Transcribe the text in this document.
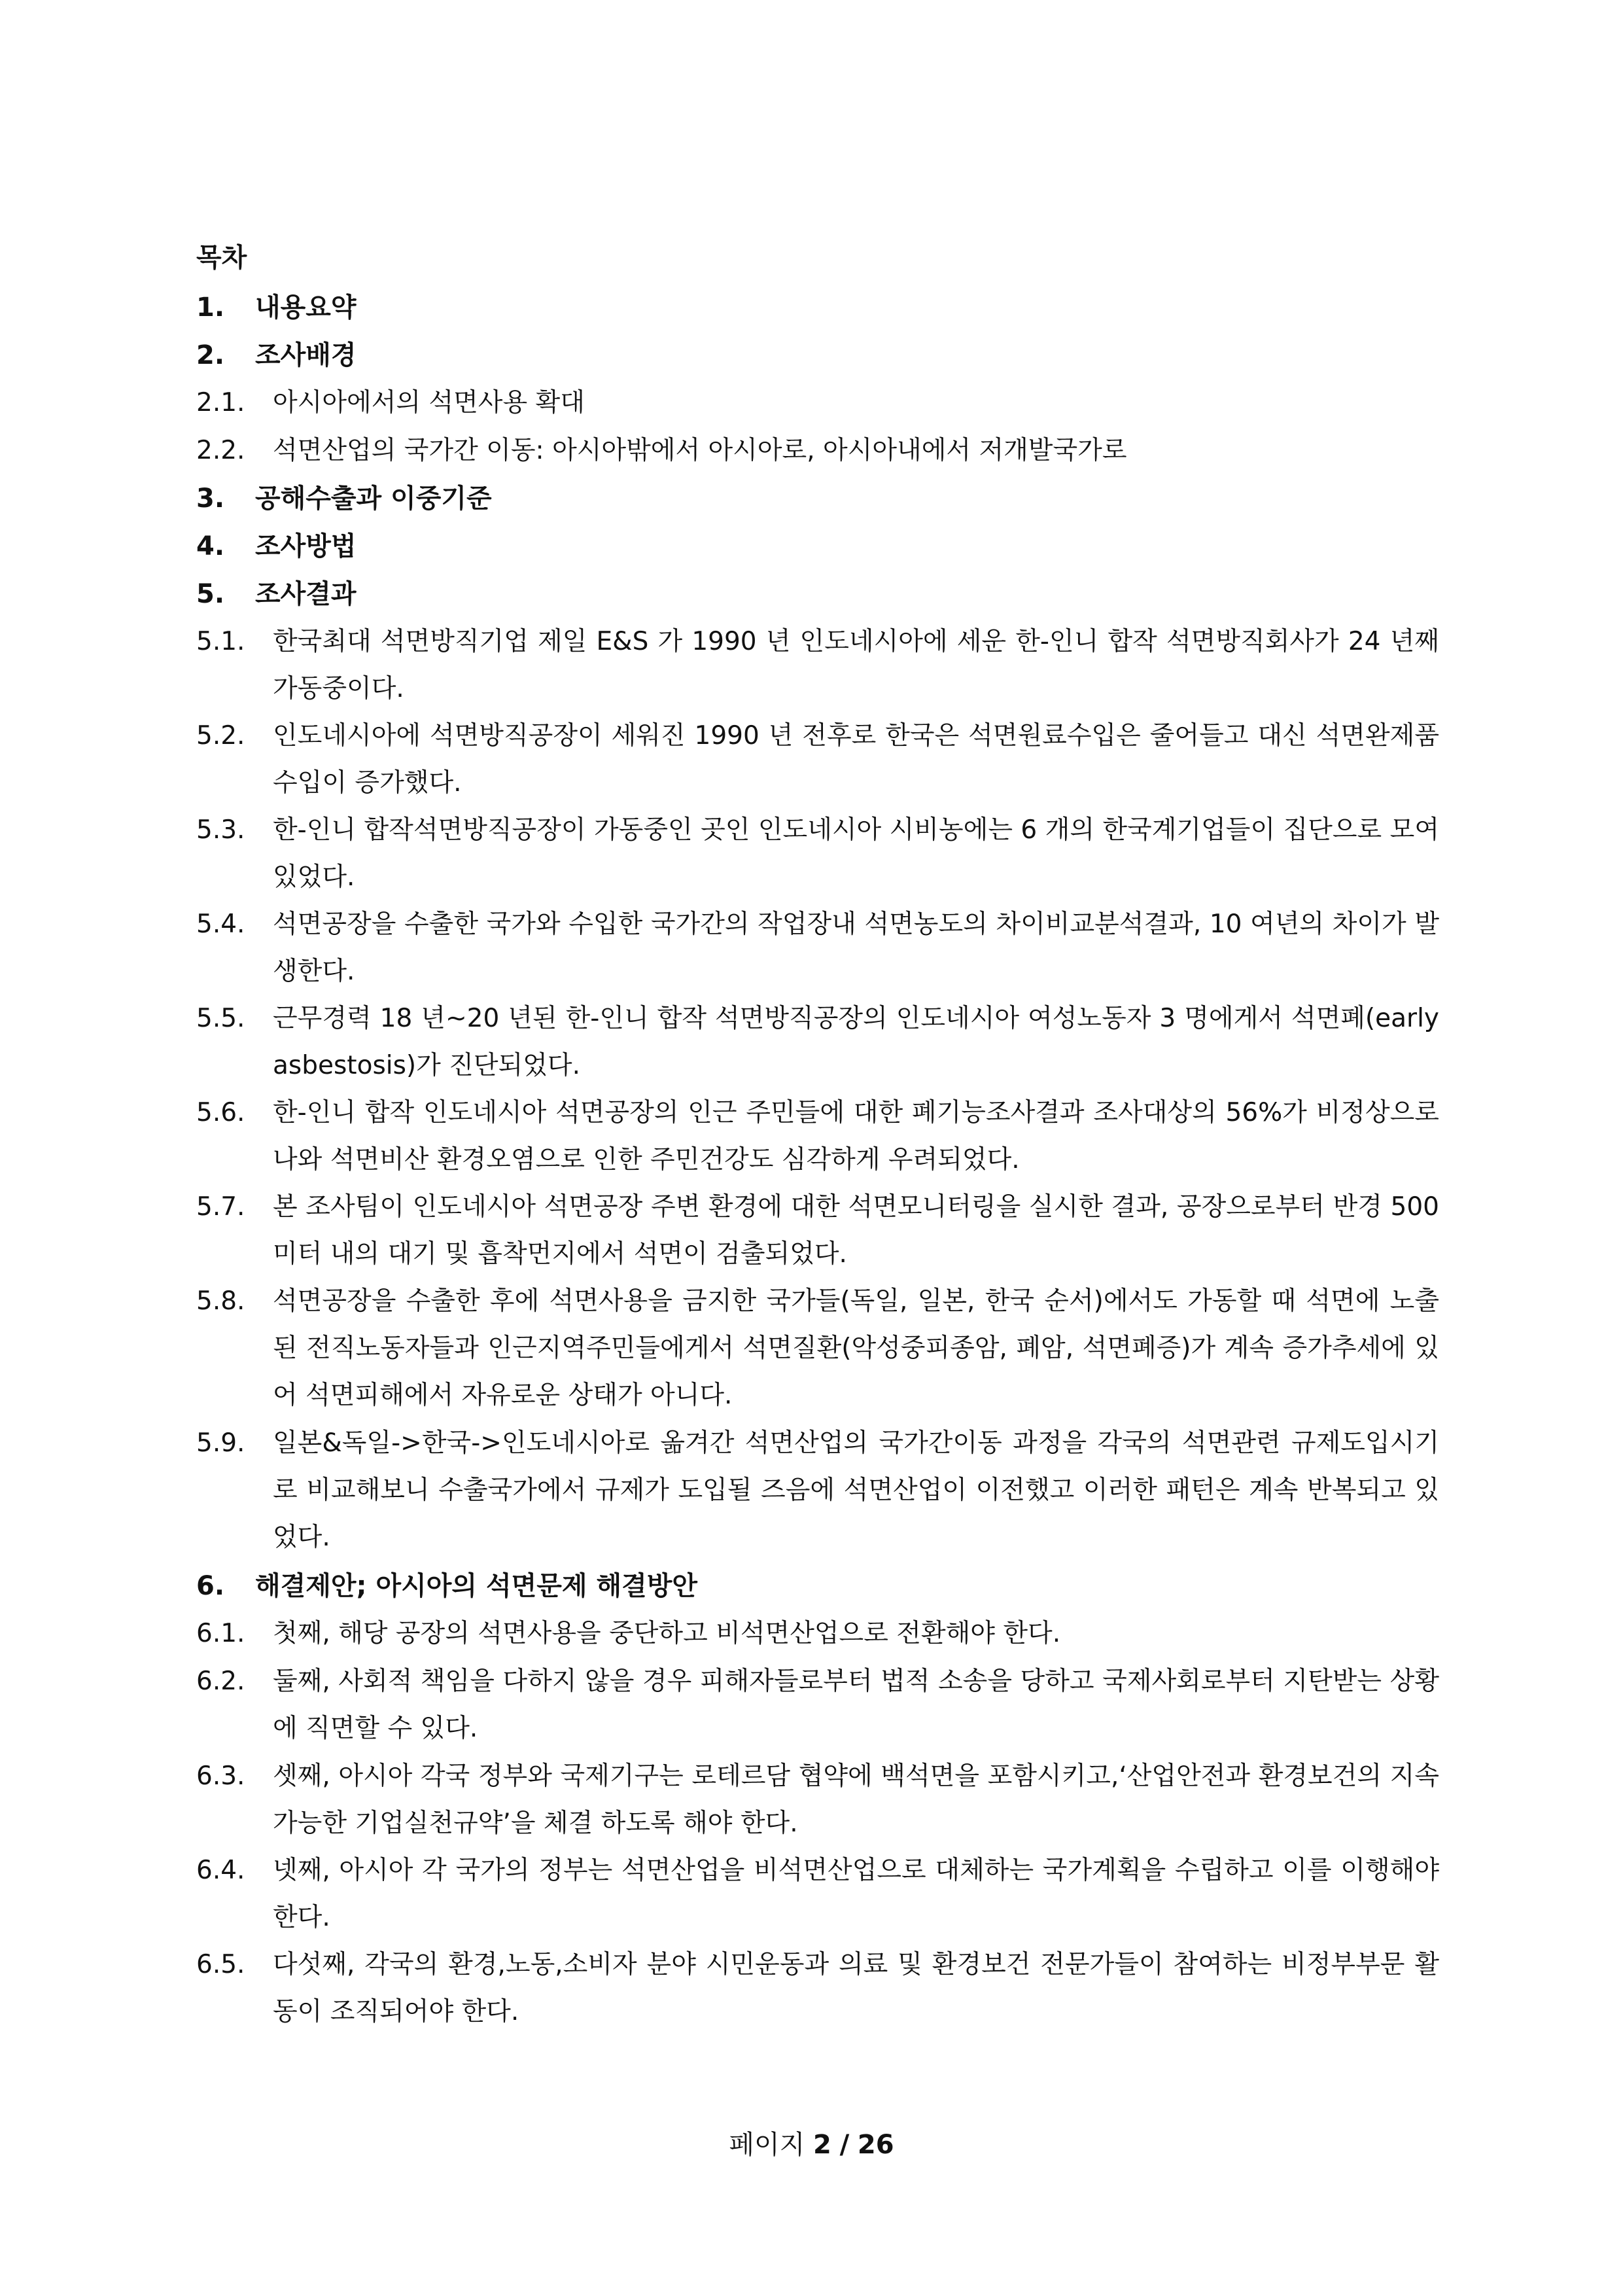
목차
1. 내용요약
2. 조사배경
2.1. 아시아에서의 석면사용 확대
2.2. 석면산업의 국가간 이동: 아시아밖에서 아시아로, 아시아내에서 저개발국가로
3. 공해수출과 이중기준
4. 조사방법
5. 조사결과
5.1. 한국최대 석면방직기업 제일 E&S 가 1990 년 인도네시아에 세운 한-인니 합작 석면방직회사가 24 년째 가동중이다.
5.2. 인도네시아에 석면방직공장이 세워진 1990 년 전후로 한국은 석면원료수입은 줄어들고 대신 석면완제품 수입이 증가했다.
5.3. 한-인니 합작석면방직공장이 가동중인 곳인 인도네시아 시비농에는 6 개의 한국계기업들이 집단으로 모여있었다.
5.4. 석면공장을 수출한 국가와 수입한 국가간의 작업장내 석면농도의 차이비교분석결과, 10 여년의 차이가 발생한다.
5.5. 근무경력 18 년~20 년된 한-인니 합작 석면방직공장의 인도네시아 여성노동자 3 명에게서 석면폐(early asbestosis)가 진단되었다.
5.6. 한-인니 합작 인도네시아 석면공장의 인근 주민들에 대한 폐기능조사결과 조사대상의 56%가 비정상으로 나와 석면비산 환경오염으로 인한 주민건강도 심각하게 우려되었다.
5.7. 본 조사팀이 인도네시아 석면공장 주변 환경에 대한 석면모니터링을 실시한 결과, 공장으로부터 반경 500미터 내의 대기 및 흡착먼지에서 석면이 검출되었다.
5.8. 석면공장을 수출한 후에 석면사용을 금지한 국가들(독일, 일본, 한국 순서)에서도 가동할 때 석면에 노출된 전직노동자들과 인근지역주민들에게서 석면질환(악성중피종암, 폐암, 석면폐증)가 계속 증가추세에 있어 석면피해에서 자유로운 상태가 아니다.
5.9. 일본&독일->한국->인도네시아로 옮겨간 석면산업의 국가간이동 과정을 각국의 석면관련 규제도입시기로 비교해보니 수출국가에서 규제가 도입될 즈음에 석면산업이 이전했고 이러한 패턴은 계속 반복되고 있었다.
6. 해결제안; 아시아의 석면문제 해결방안
6.1. 첫째, 해당 공장의 석면사용을 중단하고 비석면산업으로 전환해야 한다.
6.2. 둘째, 사회적 책임을 다하지 않을 경우 피해자들로부터 법적 소송을 당하고 국제사회로부터 지탄받는 상황에 직면할 수 있다.
6.3. 셋째, 아시아 각국 정부와 국제기구는 로테르담 협약에 백석면을 포함시키고,‘산업안전과 환경보건의 지속가능한 기업실천규약’을 체결 하도록 해야 한다.
6.4. 넷째, 아시아 각 국가의 정부는 석면산업을 비석면산업으로 대체하는 국가계획을 수립하고 이를 이행해야 한다.
6.5. 다섯째, 각국의 환경,노동,소비자 분야 시민운동과 의료 및 환경보건 전문가들이 참여하는 비정부부문 활동이 조직되어야 한다.
페이지 2 / 26
